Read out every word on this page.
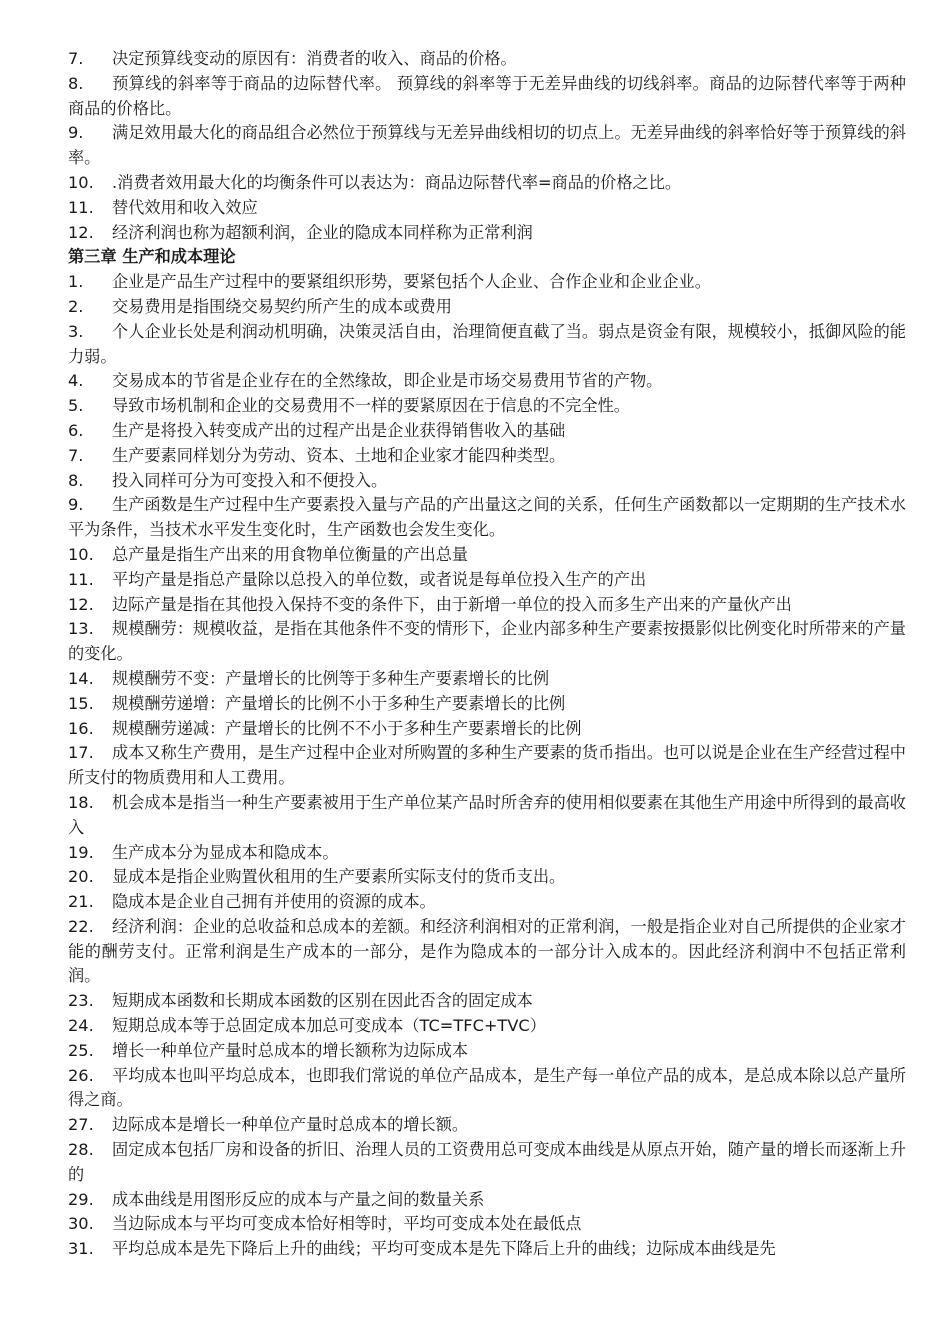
7. 决定预算线变动的原因有：消费者的收入、商品的价格。

8. 预算线的斜率等于商品的边际替代率。 预算线的斜率等于无差异曲线的切线斜率。商品的边际替代率等于两种商品的价格比。

9. 满足效用最大化的商品组合必然位于预算线与无差异曲线相切的切点上。无差异曲线的斜率恰好等于预算线的斜率。

10. .消费者效用最大化的均衡条件可以表达为：商品边际替代率=商品的价格之比。

11. 替代效用和收入效应

12. 经济利润也称为超额利润，企业的隐成本同样称为正常利润

第三章 生产和成本理论

1. 企业是产品生产过程中的要紧组织形势，要紧包括个人企业、合作企业和企业企业。

2. 交易费用是指围绕交易契约所产生的成本或费用

3. 个人企业长处是利润动机明确，决策灵活自由，治理简便直截了当。弱点是资金有限，规模较小，抵御风险的能力弱。

4. 交易成本的节省是企业存在的全然缘故，即企业是市场交易费用节省的产物。

5. 导致市场机制和企业的交易费用不一样的要紧原因在于信息的不完全性。

6. 生产是将投入转变成产出的过程产出是企业获得销售收入的基础

7. 生产要素同样划分为劳动、资本、土地和企业家才能四种类型。

8. 投入同样可分为可变投入和不便投入。

9. 生产函数是生产过程中生产要素投入量与产品的产出量这之间的关系，任何生产函数都以一定期期的生产技术水平为条件，当技术水平发生变化时，生产函数也会发生变化。

10. 总产量是指生产出来的用食物单位衡量的产出总量

11. 平均产量是指总产量除以总投入的单位数，或者说是每单位投入生产的产出

12. 边际产量是指在其他投入保持不变的条件下，由于新增一单位的投入而多生产出来的产量伙产出

13. 规模酬劳：规模收益，是指在其他条件不变的情形下，企业内部多种生产要素按摄影似比例变化时所带来的产量的变化。

14. 规模酬劳不变：产量增长的比例等于多种生产要素增长的比例

15. 规模酬劳递增：产量增长的比例不小于多种生产要素增长的比例

16. 规模酬劳递减：产量增长的比例不不小于多种生产要素增长的比例

17. 成本又称生产费用，是生产过程中企业对所购置的多种生产要素的货币指出。也可以说是企业在生产经营过程中所支付的物质费用和人工费用。

18. 机会成本是指当一种生产要素被用于生产单位某产品时所舍弃的使用相似要素在其他生产用途中所得到的最高收入

19. 生产成本分为显成本和隐成本。

20. 显成本是指企业购置伙租用的生产要素所实际支付的货币支出。

21. 隐成本是企业自己拥有并使用的资源的成本。

22. 经济利润：企业的总收益和总成本的差额。和经济利润相对的正常利润，一般是指企业对自己所提供的企业家才能的酬劳支付。正常利润是生产成本的一部分，是作为隐成本的一部分计入成本的。因此经济利润中不包括正常利润。

23. 短期成本函数和长期成本函数的区别在因此否含的固定成本

24. 短期总成本等于总固定成本加总可变成本（TC=TFC+TVC）

25. 增长一种单位产量时总成本的增长额称为边际成本

26. 平均成本也叫平均总成本，也即我们常说的单位产品成本，是生产每一单位产品的成本，是总成本除以总产量所得之商。

27. 边际成本是增长一种单位产量时总成本的增长额。

28. 固定成本包括厂房和设备的折旧、治理人员的工资费用总可变成本曲线是从原点开始，随产量的增长而逐渐上升的

29. 成本曲线是用图形反应的成本与产量之间的数量关系

30. 当边际成本与平均可变成本恰好相等时，平均可变成本处在最低点

31. 平均总成本是先下降后上升的曲线；平均可变成本是先下降后上升的曲线；边际成本曲线是先
